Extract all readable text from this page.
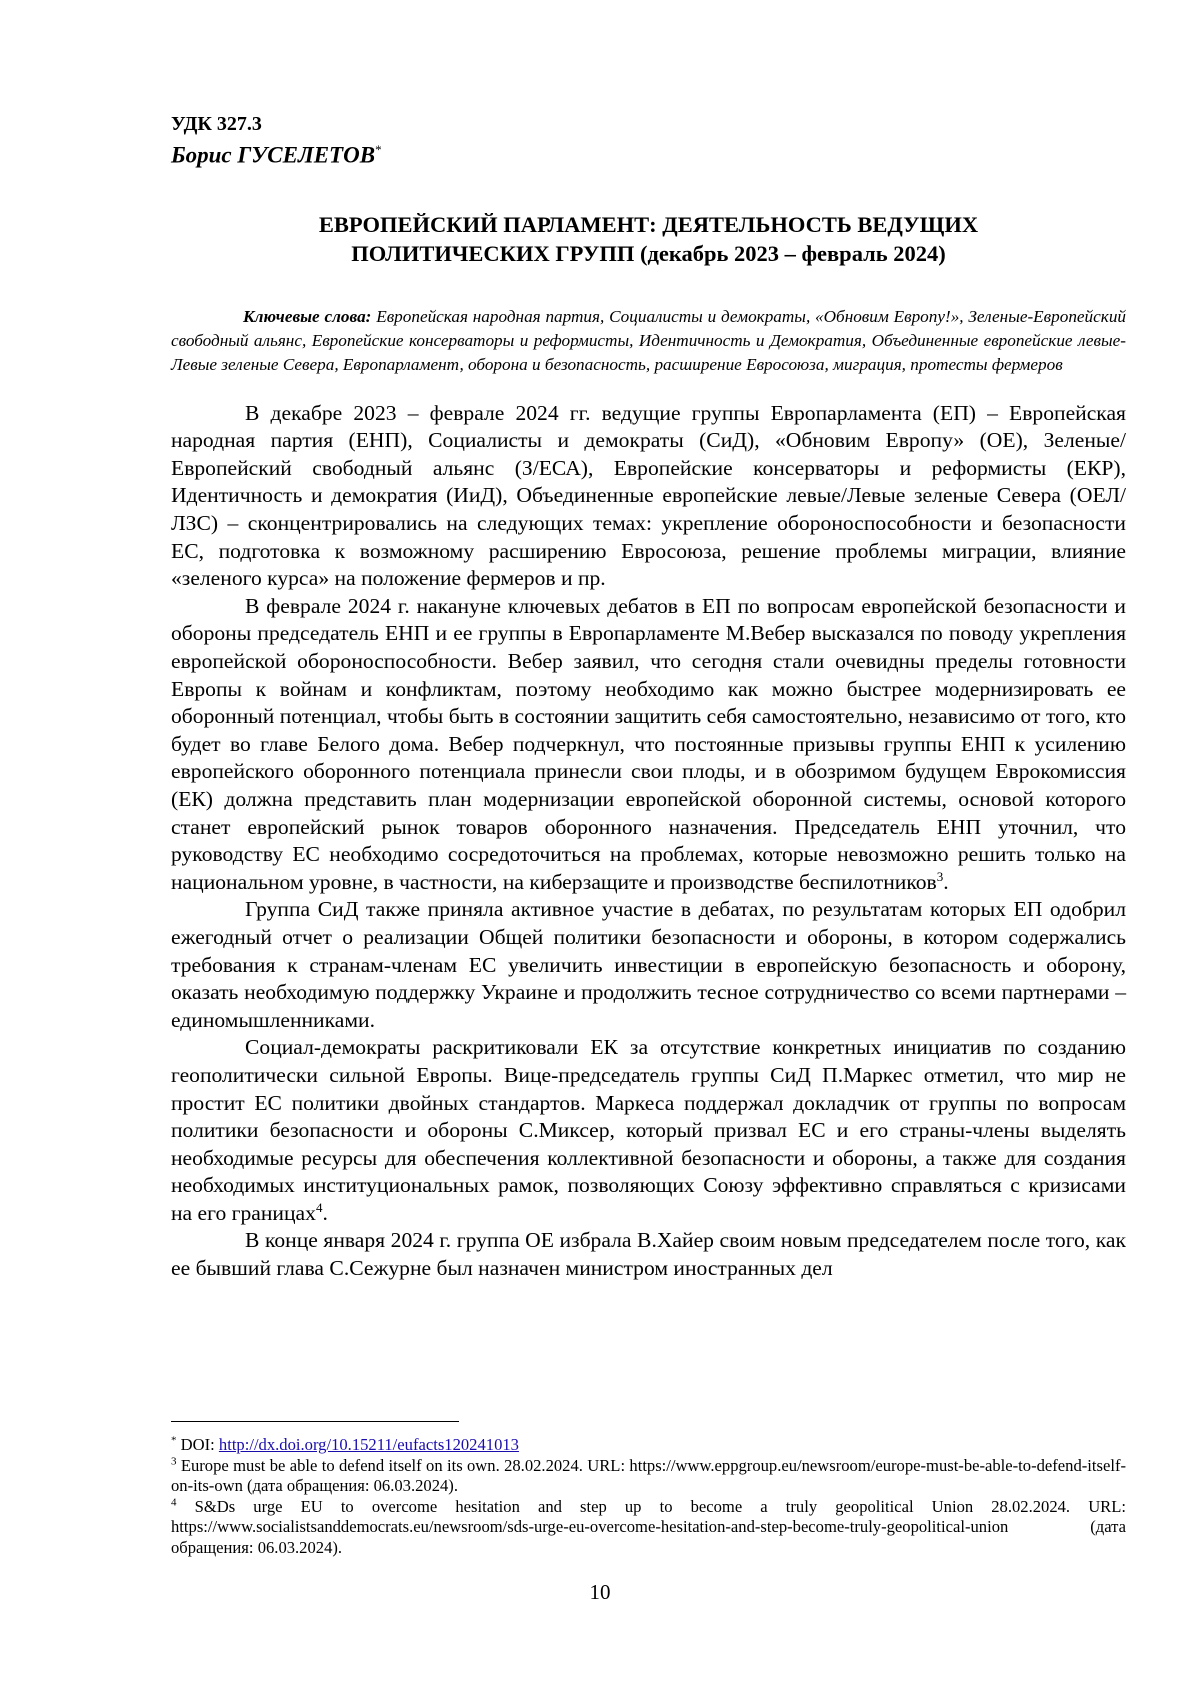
УДК 327.3
Борис ГУСЕЛЕТОВ*
ЕВРОПЕЙСКИЙ ПАРЛАМЕНТ: ДЕЯТЕЛЬНОСТЬ ВЕДУЩИХ
ПОЛИТИЧЕСКИХ ГРУПП (декабрь 2023 – февраль 2024)
Ключевые слова: Европейская народная партия, Социалисты и демократы, «Обновим Европу!», Зеленые-Европейский свободный альянс, Европейские консерваторы и реформисты, Идентичность и Демократия, Объединенные европейские левые-Левые зеленые Севера, Европарламент, оборона и безопасность, расширение Евросоюза, миграция, протесты фермеров

В декабре 2023 – феврале 2024 гг. ведущие группы Европарламента (ЕП) – Европейская народная партия (ЕНП), Социалисты и демократы (СиД), «Обновим Европу» (ОЕ), Зеленые/Европейский свободный альянс (З/ЕСА), Европейские консерваторы и реформисты (ЕКР), Идентичность и демократия (ИиД), Объединенные европейские левые/Левые зеленые Севера (ОЕЛ/ЛЗС) – сконцентрировались на следующих темах: укрепление обороноспособности и безопасности ЕС, подготовка к возможному расширению Евросоюза, решение проблемы миграции, влияние «зеленого курса» на положение фермеров и пр.

В феврале 2024 г. накануне ключевых дебатов в ЕП по вопросам европейской безопасности и обороны председатель ЕНП и ее группы в Европарламенте М.Вебер высказался по поводу укрепления европейской обороноспособности. Вебер заявил, что сегодня стали очевидны пределы готовности Европы к войнам и конфликтам, поэтому необходимо как можно быстрее модернизировать ее оборонный потенциал, чтобы быть в состоянии защитить себя самостоятельно, независимо от того, кто будет во главе Белого дома. Вебер подчеркнул, что постоянные призывы группы ЕНП к усилению европейского оборонного потенциала принесли свои плоды, и в обозримом будущем Еврокомиссия (ЕК) должна представить план модернизации европейской оборонной системы, основой которого станет европейский рынок товаров оборонного назначения. Председатель ЕНП уточнил, что руководству ЕС необходимо сосредоточиться на проблемах, которые невозможно решить только на национальном уровне, в частности, на киберзащите и производстве беспилотников$^3$.

Группа СиД также приняла активное участие в дебатах, по результатам которых ЕП одобрил ежегодный отчет о реализации Общей политики безопасности и обороны, в котором содержались требования к странам-членам ЕС увеличить инвестиции в европейскую безопасность и оборону, оказать необходимую поддержку Украине и продолжить тесное сотрудничество со всеми партнерами – единомышленниками.

Социал-демократы раскритиковали ЕК за отсутствие конкретных инициатив по созданию геополитически сильной Европы. Вице-председатель группы СиД П.Маркес отметил, что мир не простит ЕС политики двойных стандартов. Маркеса поддержал докладчик от группы по вопросам политики безопасности и обороны С.Миксер, который призвал ЕС и его страны-члены выделять необходимые ресурсы для обеспечения коллективной безопасности и обороны, а также для создания необходимых институциональных рамок, позволяющих Союзу эффективно справляться с кризисами на его границах$^4$.

В конце января 2024 г. группа ОЕ избрала В.Хайер своим новым председателем после того, как ее бывший глава С.Сежурне был назначен министром иностранных дел

* DOI: http://dx.doi.org/10.15211/eufacts120241013

$^3$ Europe must be able to defend itself on its own. 28.02.2024. URL: https://www.eppgroup.eu/newsroom/europe-must-be-able-to-defend-itself-on-its-own (дата обращения: 06.03.2024).

$^4$ S&Ds urge EU to overcome hesitation and step up to become a truly geopolitical Union 28.02.2024. URL: https://www.socialistsanddemocrats.eu/newsroom/sds-urge-eu-overcome-hesitation-and-step-become-truly-geopolitical-union (дата обращения: 06.03.2024).

10
